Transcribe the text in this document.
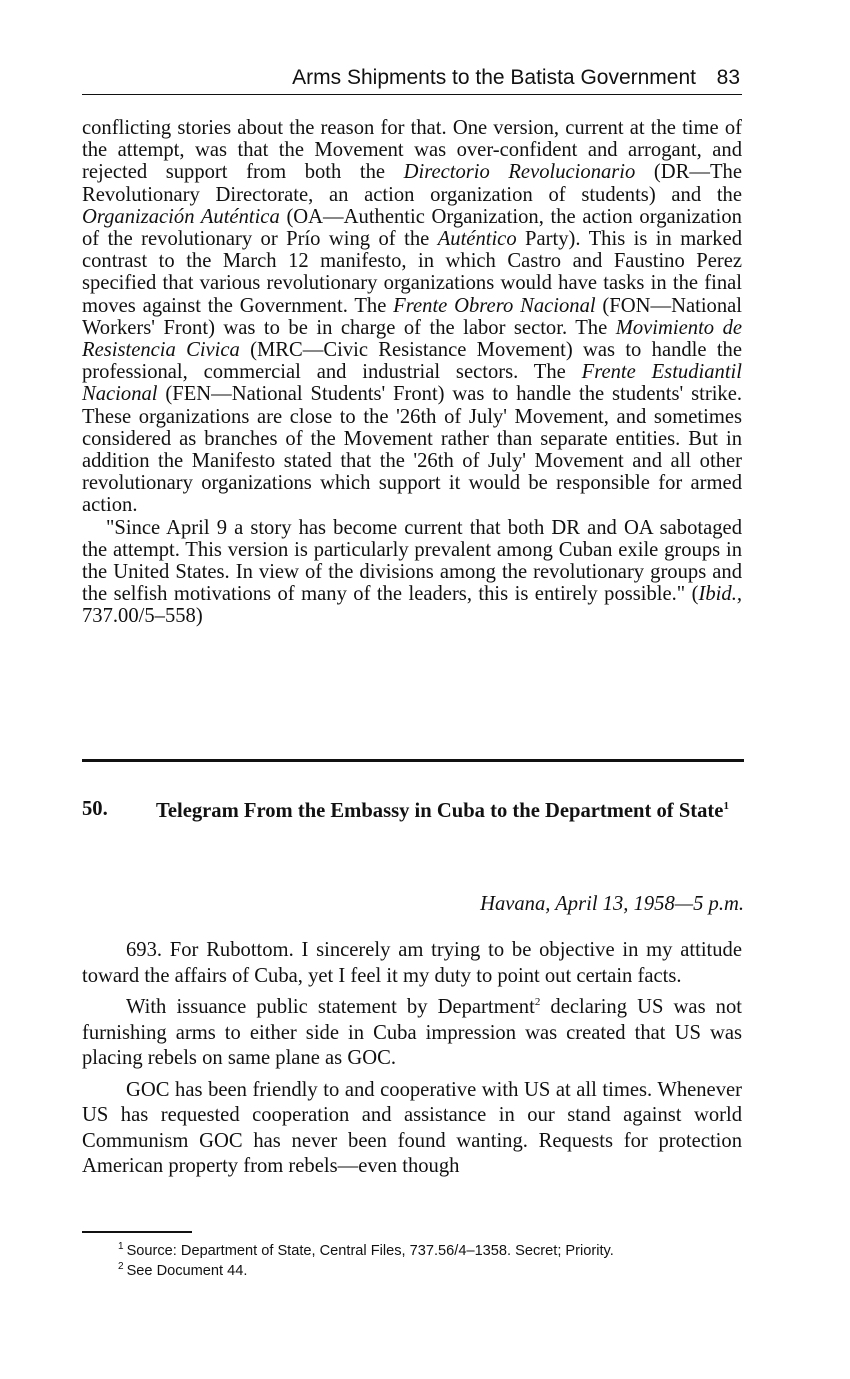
Arms Shipments to the Batista Government 83

conflicting stories about the reason for that. One version, current at the time of the attempt, was that the Movement was over-confident and arrogant, and rejected support from both the Directorio Revolucionario (DR—The Revolutionary Directorate, an action organization of students) and the Organización Auténtica (OA—Authentic Organization, the action organization of the revolutionary or Prío wing of the Auténtico Party). This is in marked contrast to the March 12 manifesto, in which Castro and Faustino Perez specified that various revolutionary organizations would have tasks in the final moves against the Government. The Frente Obrero Nacional (FON—National Workers' Front) was to be in charge of the labor sector. The Movimiento de Resistencia Civica (MRC—Civic Resistance Movement) was to handle the professional, commercial and industrial sectors. The Frente Estudiantil Nacional (FEN—National Students' Front) was to handle the students' strike. These organizations are close to the '26th of July' Movement, and sometimes considered as branches of the Movement rather than separate entities. But in addition the Manifesto stated that the '26th of July' Movement and all other revolutionary organizations which support it would be responsible for armed action.

"Since April 9 a story has become current that both DR and OA sabotaged the attempt. This version is particularly prevalent among Cuban exile groups in the United States. In view of the divisions among the revolutionary groups and the selfish motivations of many of the leaders, this is entirely possible." (Ibid., 737.00/5–558)

50. Telegram From the Embassy in Cuba to the Department of State$^1$
Havana, April 13, 1958—5 p.m.

693. For Rubottom. I sincerely am trying to be objective in my attitude toward the affairs of Cuba, yet I feel it my duty to point out certain facts.

With issuance public statement by Department$^2$ declaring US was not furnishing arms to either side in Cuba impression was created that US was placing rebels on same plane as GOC.

GOC has been friendly to and cooperative with US at all times. Whenever US has requested cooperation and assistance in our stand against world Communism GOC has never been found wanting. Requests for protection American property from rebels—even though

$^1$ Source: Department of State, Central Files, 737.56/4–1358. Secret; Priority.
$^2$ See Document 44.
